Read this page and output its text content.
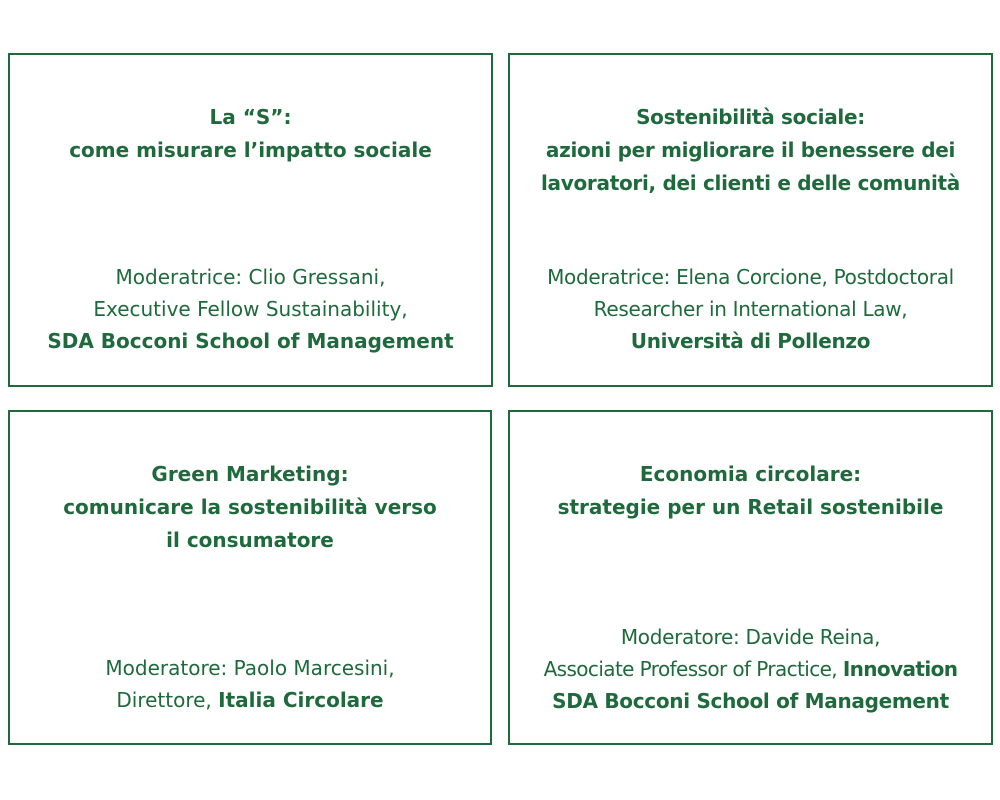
La “S”:
come misurare l’impatto sociale
Moderatrice: Clio Gressani,
Executive Fellow Sustainability,
SDA Bocconi School of Management
Sostenibilità sociale:
azioni per migliorare il benessere dei
lavoratori, dei clienti e delle comunità
Moderatrice: Elena Corcione, Postdoctoral
Researcher in International Law,
Università di Pollenzo
Green Marketing:
comunicare la sostenibilità verso
il consumatore
Moderatore: Paolo Marcesini,
Direttore, Italia Circolare
Economia circolare:
strategie per un Retail sostenibile
Moderatore: Davide Reina,
Associate Professor of Practice, Innovation
SDA Bocconi School of Management
